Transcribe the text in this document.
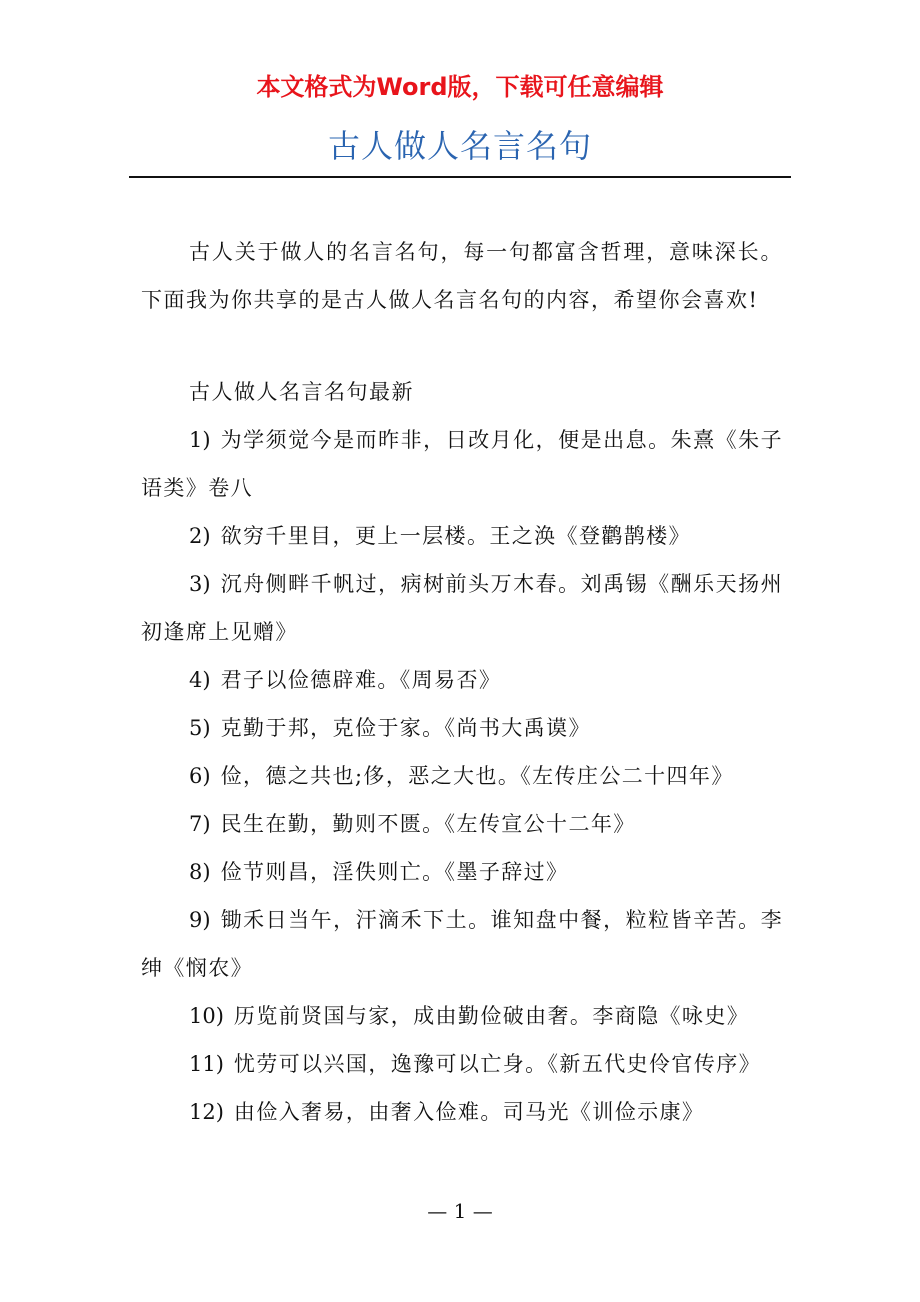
本文格式为Word版，下载可任意编辑
古人做人名言名句

古人关于做人的名言名句，每一句都富含哲理，意味深长。下面我为你共享的是古人做人名言名句的内容，希望你会喜欢!

古人做人名言名句最新

1) 为学须觉今是而昨非，日改月化，便是出息。朱熹《朱子语类》卷八
2) 欲穷千里目，更上一层楼。王之涣《登鹳鹊楼》
3) 沉舟侧畔千帆过，病树前头万木春。刘禹锡《酬乐天扬州初逢席上见赠》
4) 君子以俭德辟难。《周易否》
5) 克勤于邦，克俭于家。《尚书大禹谟》
6) 俭，德之共也;侈，恶之大也。《左传庄公二十四年》
7) 民生在勤，勤则不匮。《左传宣公十二年》
8) 俭节则昌，淫佚则亡。《墨子辞过》
9) 锄禾日当午，汗滴禾下土。谁知盘中餐，粒粒皆辛苦。李绅《悯农》
10) 历览前贤国与家，成由勤俭破由奢。李商隐《咏史》
11) 忧劳可以兴国，逸豫可以亡身。《新五代史伶官传序》
12) 由俭入奢易，由奢入俭难。司马光《训俭示康》
— 1 —
